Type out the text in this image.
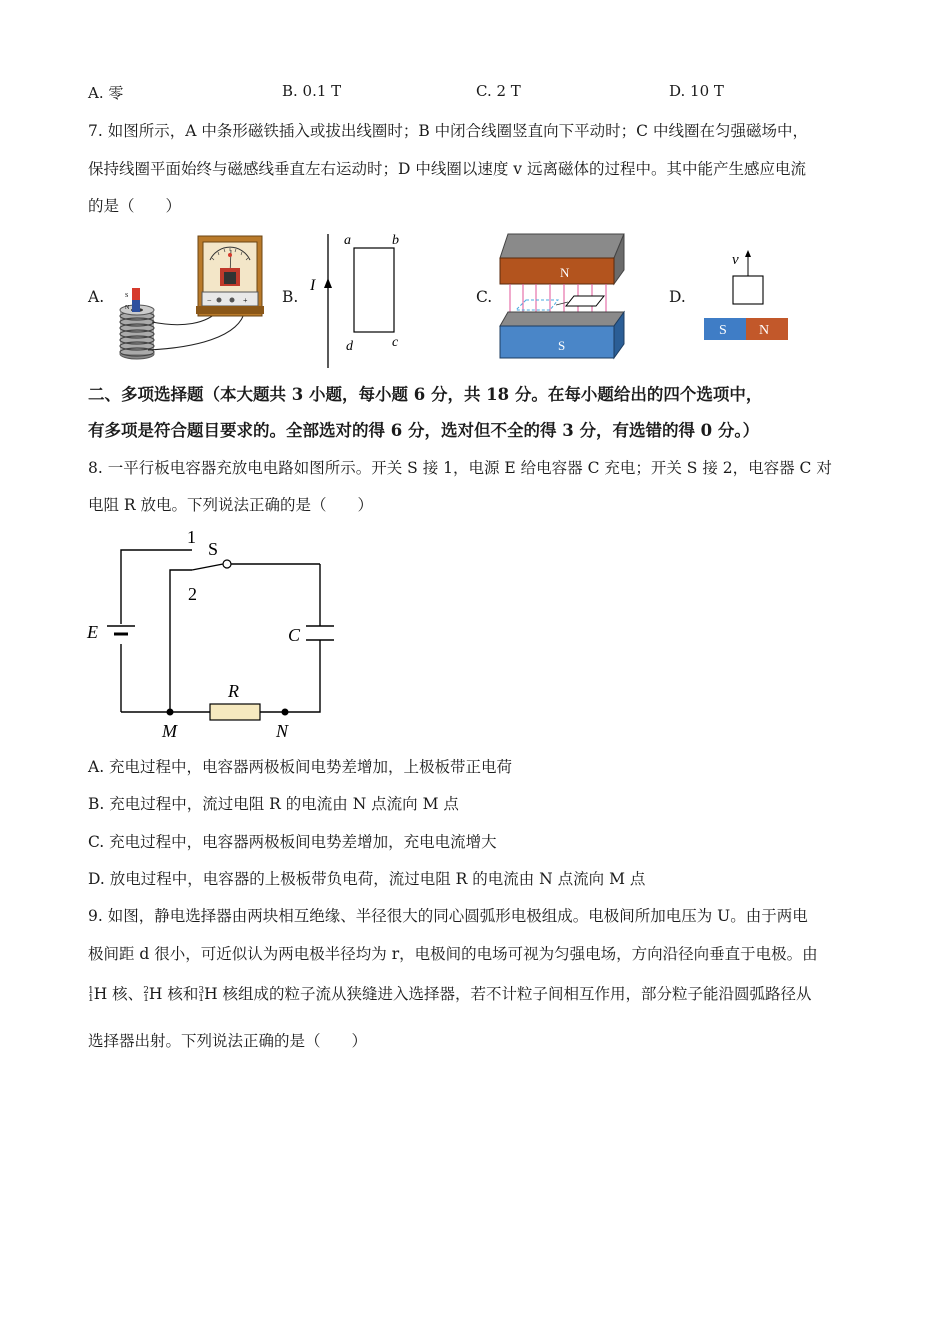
A. 零	B. 0.1 T	C. 2 T	D. 10 T
7. 如图所示，A 中条形磁铁插入或拔出线圈时；B 中闭合线圈竖直向下平动时；C 中线圈在匀强磁场中，
保持线圈平面始终与磁感线垂直左右运动时；D 中线圈以速度 v 远离磁体的过程中。其中能产生感应电流
的是（　　）
A.	B.	C.	D.
S
N
−	+
I
a	b
c
d
N
S
v
S N
二、多项选择题（本大题共 3 小题，每小题 6 分，共 18 分。在每小题给出的四个选项中，
有多项是符合题目要求的。全部选对的得 6 分，选对但不全的得 3 分，有选错的得 0 分。）
8. 一平行板电容器充放电电路如图所示。开关 S 接 1，电源 E 给电容器 C 充电；开关 S 接 2，电容器 C 对
电阻 R 放电。下列说法正确的是（　　）
1
S
2
E	C
R
M	N
A. 充电过程中，电容器两极板间电势差增加，上极板带正电荷
B. 充电过程中，流过电阻 R 的电流由 N 点流向 M 点
C. 充电过程中，电容器两极板间电势差增加，充电电流增大
D. 放电过程中，电容器的上极板带负电荷，流过电阻 R 的电流由 N 点流向 M 点
9. 如图，静电选择器由两块相互绝缘、半径很大的同心圆弧形电极组成。电极间所加电压为 U。由于两电
极间距 d 很小，可近似认为两电极半径均为 r，电极间的电场可视为匀强电场，方向沿径向垂直于电极。由
1
1 H 核、 2
1 H 核和 3
1 H 核组成的粒子流从狭缝进入选择器，若不计粒子间相互作用，部分粒子能沿圆弧路径从
选择器出射。下列说法正确的是（　　）
